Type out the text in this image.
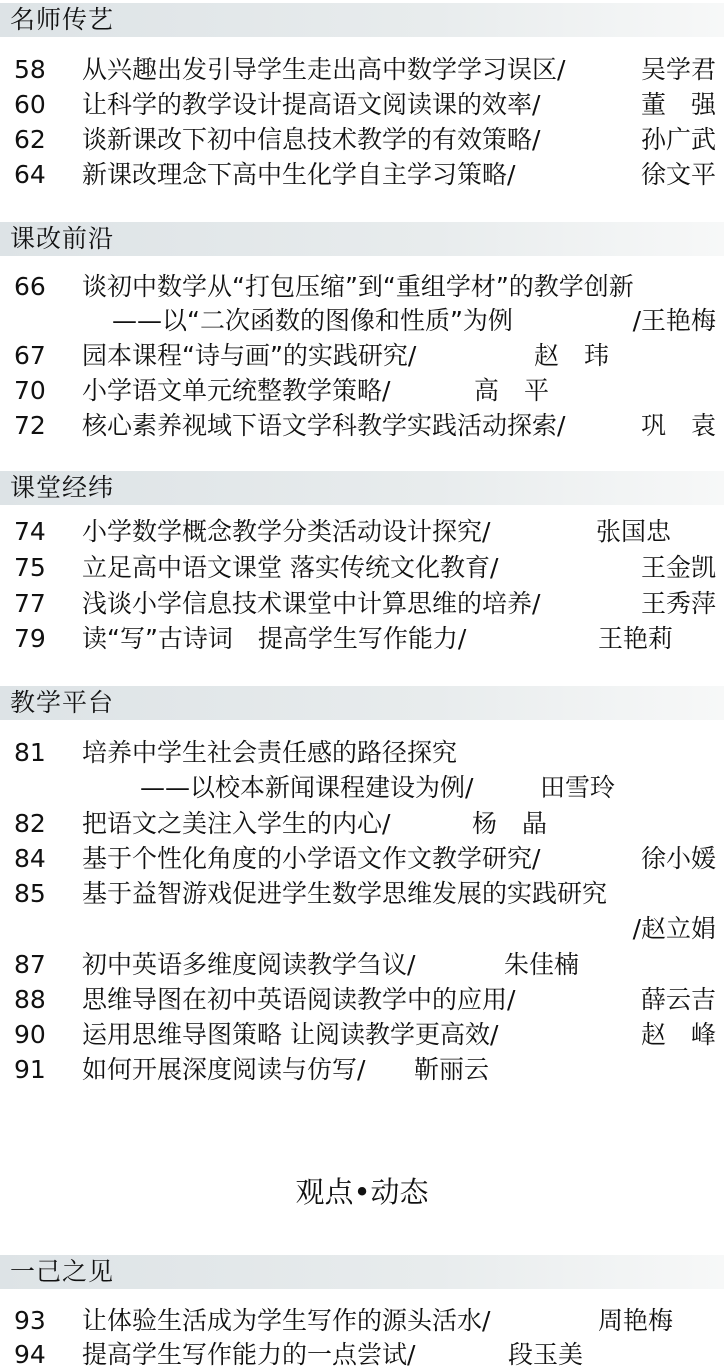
名师传艺
58 从兴趣出发引导学生走出高中数学学习误区/	吴学君
60 让科学的教学设计提高语文阅读课的效率/	董　强
62 谈新课改下初中信息技术教学的有效策略/	孙广武
64 新课改理念下高中生化学自主学习策略/	徐文平
课改前沿
66 谈初中数学从“打包压缩”到“重组学材”的教学创新
——以“二次函数的图像和性质”为例	/王艳梅
67 园本课程“诗与画”的实践研究/	赵　玮
70 小学语文单元统整教学策略/	高　平
72 核心素养视域下语文学科教学实践活动探索/	巩　袁
课堂经纬
74 小学数学概念教学分类活动设计探究/	张国忠
75 立足高中语文课堂 落实传统文化教育/	王金凯
77 浅谈小学信息技术课堂中计算思维的培养/	王秀萍
79 读“写”古诗词　提高学生写作能力/	王艳莉
教学平台
81 培养中学生社会责任感的路径探究
——以校本新闻课程建设为例/	田雪玲
82 把语文之美注入学生的内心/	杨　晶
84 基于个性化角度的小学语文作文教学研究/	徐小媛
85 基于益智游戏促进学生数学思维发展的实践研究
/赵立娟
87 初中英语多维度阅读教学刍议/	朱佳楠
88 思维导图在初中英语阅读教学中的应用/	薛云吉
90 运用思维导图策略 让阅读教学更高效/	赵　峰
91 如何开展深度阅读与仿写/	靳丽云
观点•动态
一己之见
93 让体验生活成为学生写作的源头活水/	周艳梅
94 提高学生写作能力的一点尝试/	段玉美
